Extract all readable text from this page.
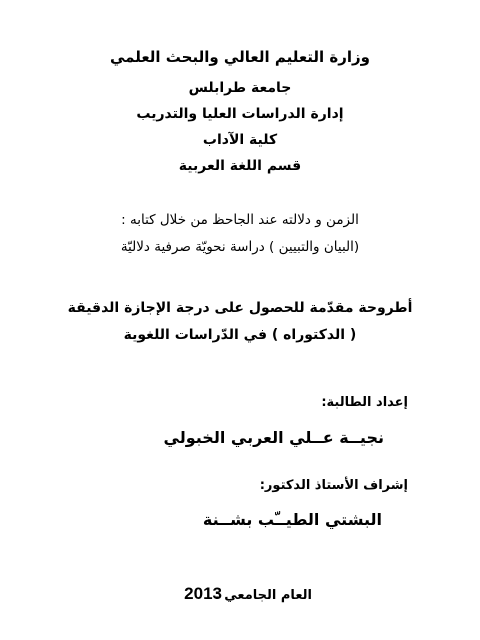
وزارة التعليم العالي والبحث العلمي
جامعة طرابلس
إدارة الدراسات العليا والتدريب
كلية الآداب
قسم اللغة العربية
الزمن و دلالته عند الجاحظ من خلال كتابه :
(البيان والتبيين ) دراسة نحويّة صرفية دلاليّة
أطروحة مقدّمة للحصول على درجة الإجازة الدقيقة
( الدكتوراه ) في الدّراسات اللغوية
إعداد الطالبة:
نجيــة عــلي العربي الخبولي
إشراف الأستاذ الدكتور:
البشتي الطيــّب بشــنة
العام الجامعي :
2013
